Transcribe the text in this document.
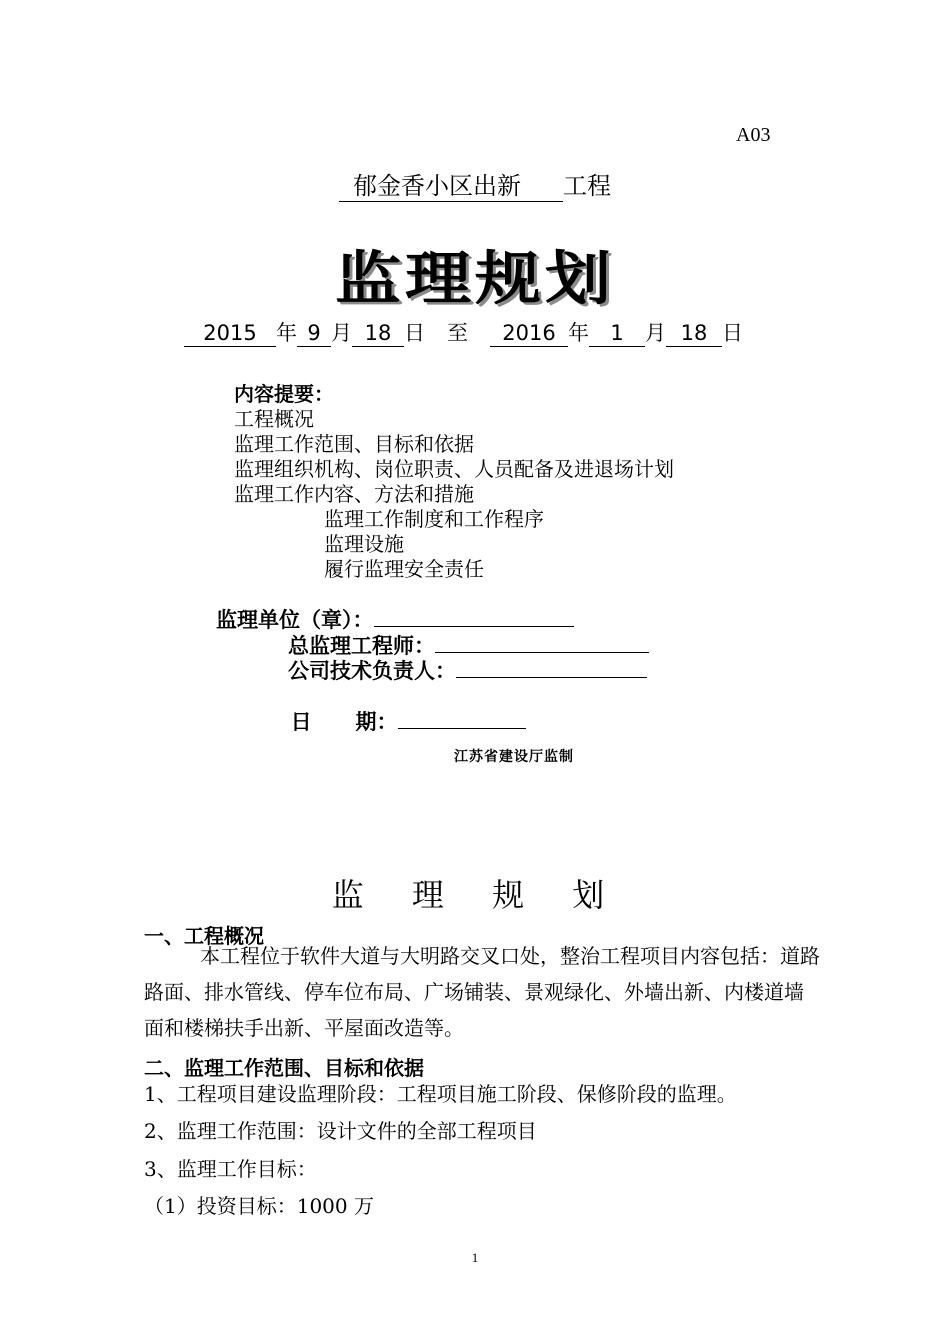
A03
郁金香小区出新 工程
监理规划
2015 年 9 月 18 日 至 2016 年 1 月 18 日
内容提要：
工程概况
监理工作范围、目标和依据
监理组织机构、岗位职责、人员配备及进退场计划
监理工作内容、方法和措施
监理工作制度和工作程序
监理设施
履行监理安全责任
监理单位（章）：
总监理工程师：
公司技术负责人：

日      期：

江苏省建设厅监制
监 理 规 划
一、工程概况
本工程位于软件大道与大明路交叉口处，整治工程项目内容包括：道路路面、排水管线、停车位布局、广场铺装、景观绿化、外墙出新、内楼道墙面和楼梯扶手出新、平屋面改造等。
二、监理工作范围、目标和依据
1、工程项目建设监理阶段：工程项目施工阶段、保修阶段的监理。
2、监理工作范围：设计文件的全部工程项目
3、监理工作目标：
（1）投资目标：1000 万
1
